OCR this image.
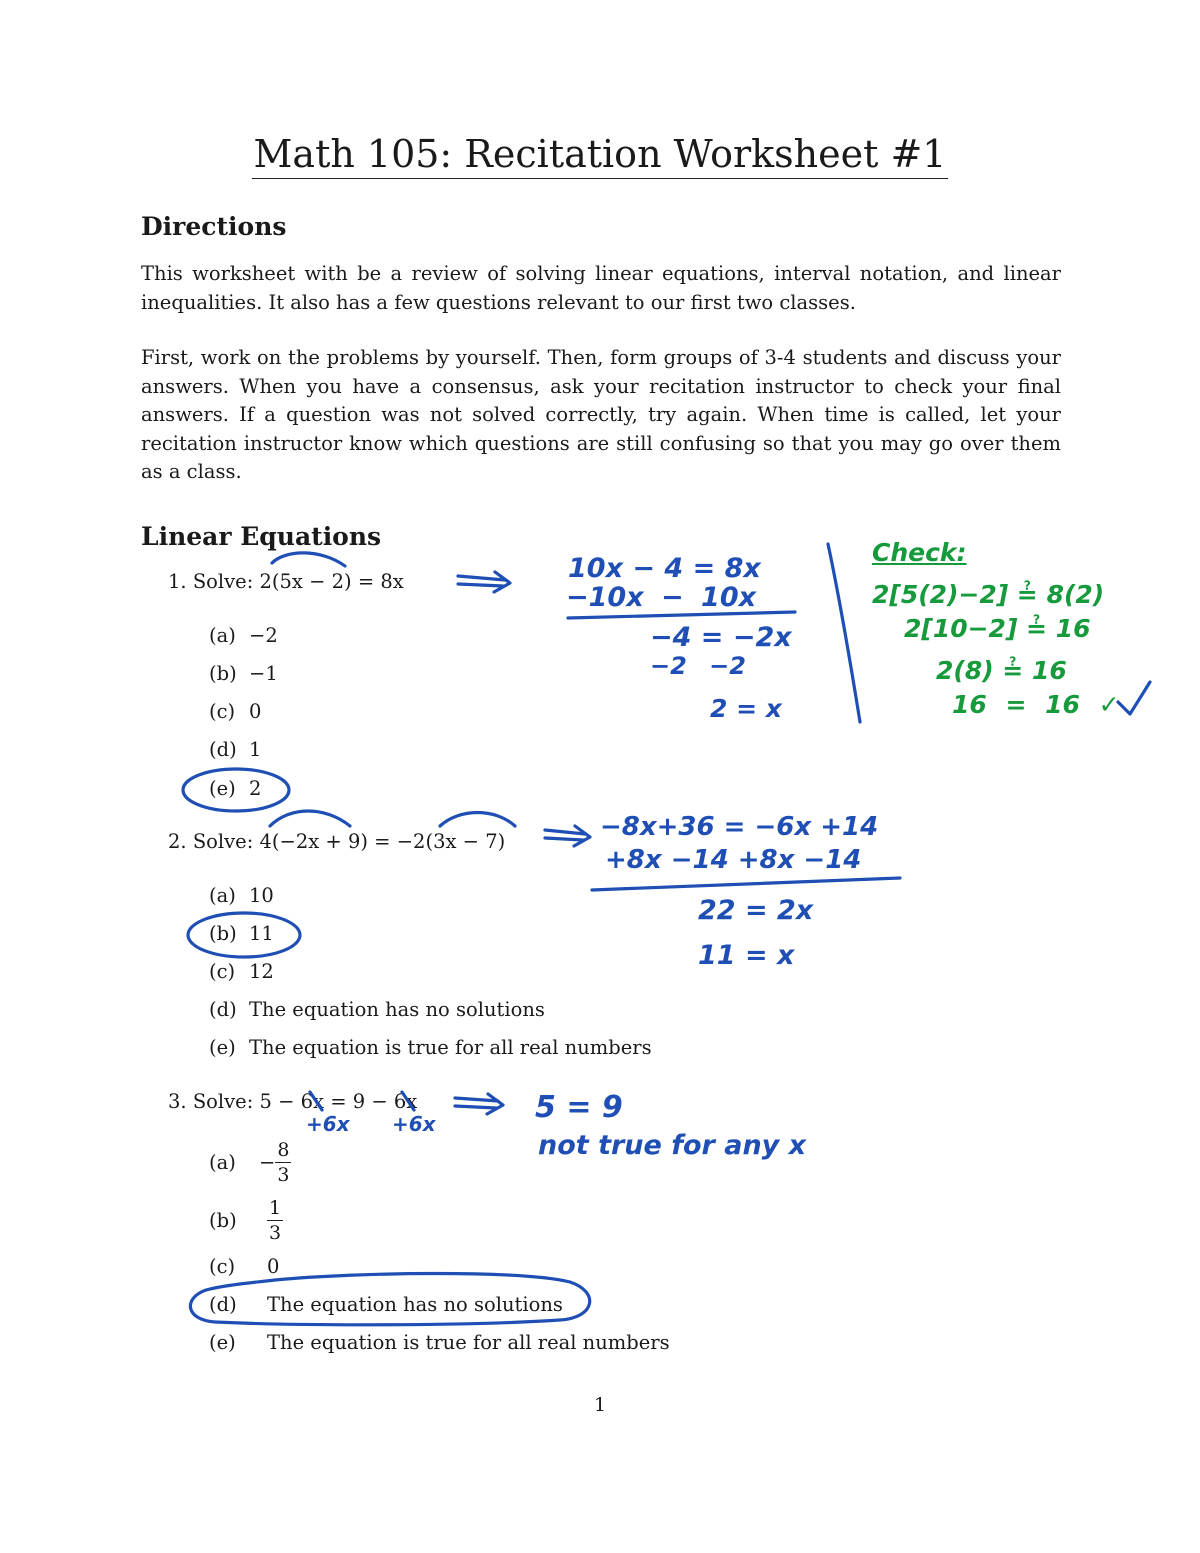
Math 105: Recitation Worksheet #1
Directions
This worksheet with be a review of solving linear equations, interval notation, and linear inequalities. It also has a few questions relevant to our first two classes.
First, work on the problems by yourself. Then, form groups of 3-4 students and discuss your answers. When you have a consensus, ask your recitation instructor to check your final answers. If a question was not solved correctly, try again. When time is called, let your recitation instructor know which questions are still confusing so that you may go over them as a class.
Linear Equations
1. Solve: 2(5x − 2) = 8x
(a) −2
(b) −1
(c) 0
(d) 1
(e) 2
2. Solve: 4(−2x + 9) = −2(3x − 7)
(a) 10
(b) 11
(c) 12
(d) The equation has no solutions
(e) The equation is true for all real numbers
3. Solve: 5 − 6x = 9 − 6x
$(a) - \frac{8}{3}$
$(b) \frac{1}{3}$
(c) 0
(d) The equation has no solutions
(e) The equation is true for all real numbers
1
10x − 4 = 8x
−10x − 10x
−4 = −2x
−2 −2
2 = x
Check:
2[5(2)−2] ≟ 8(2)
2[10−2] ≟ 16
2(8) ≟ 16
16 = 16 ✓
−8x+36 = −6x +14
+8x −14 +8x −14
22 = 2x
11 = x
+6x +6x	5 = 9
not true for any x
